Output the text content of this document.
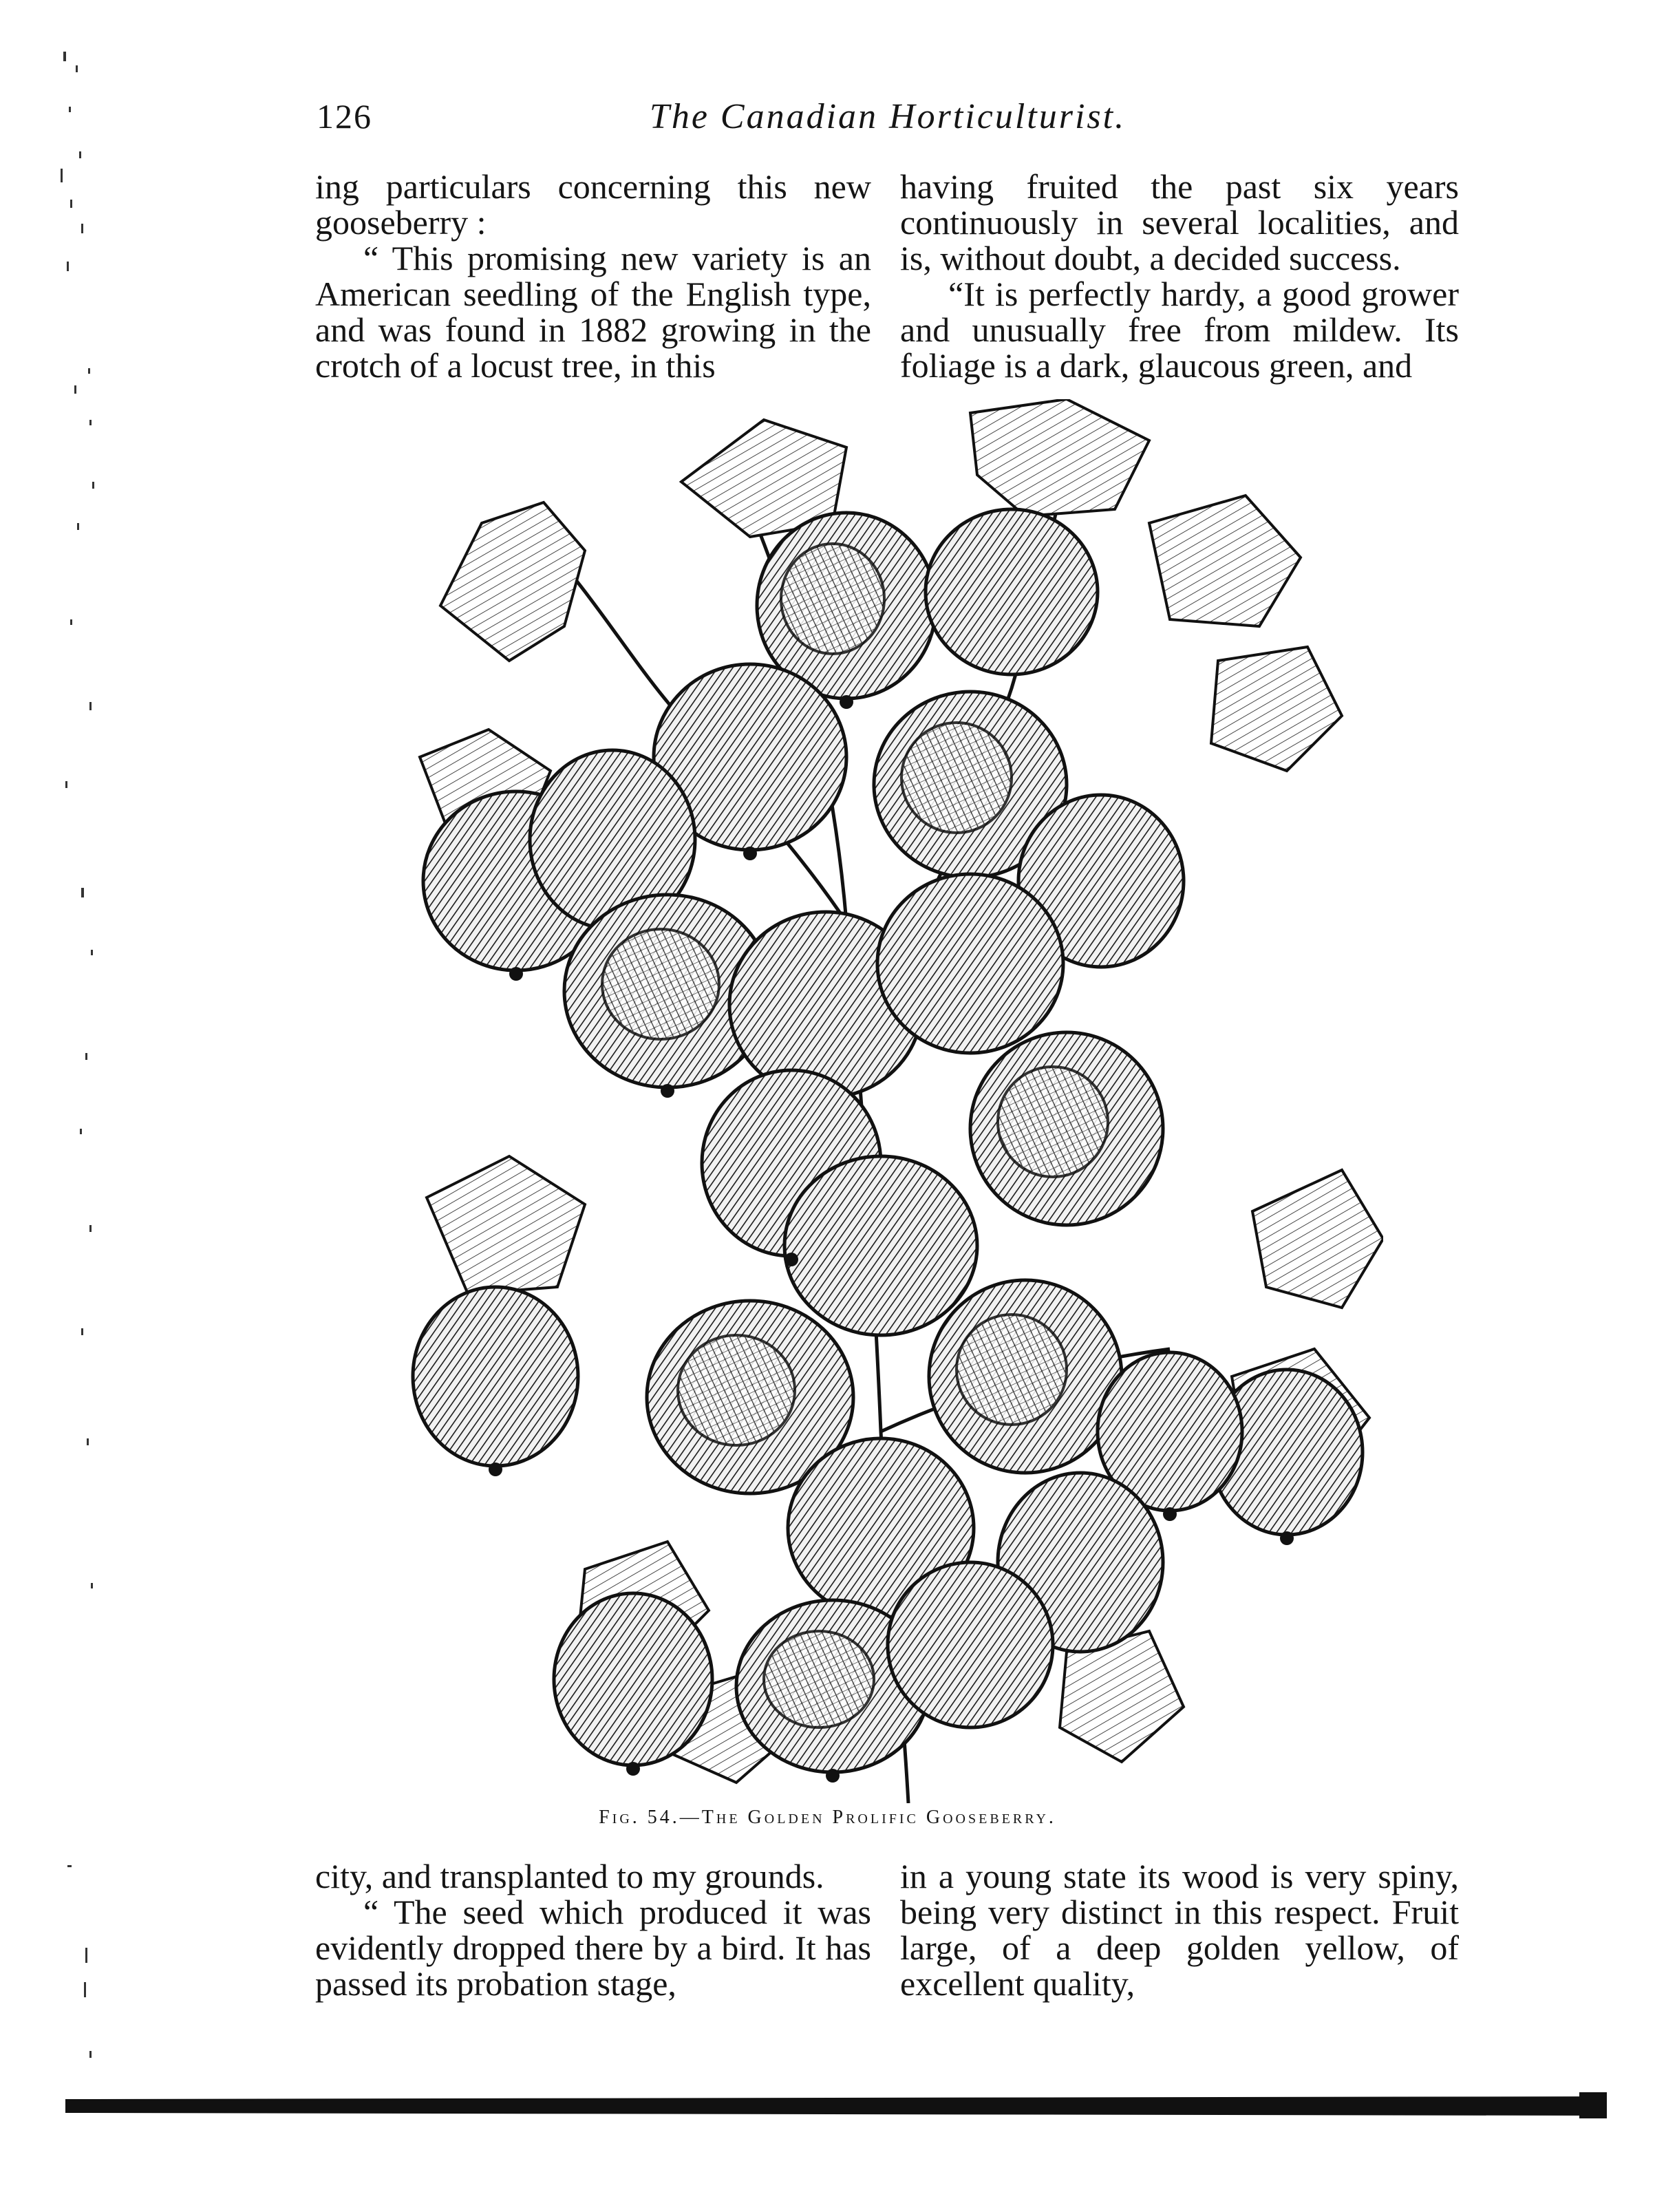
126	The Canadian Horticulturist.

ing particulars concerning this new gooseberry :

“ This promising new variety is an American seedling of the English type, and was found in 1882 growing in the crotch of a locust tree, in this

having fruited the past six years continuously in several localities, and is, without doubt, a decided success.

“It is perfectly hardy, a good grower and unusually free from mildew. Its foliage is a dark, glaucous green, and

Fig. 54.—The Golden Prolific Gooseberry.

city, and transplanted to my grounds.

“ The seed which produced it was evidently dropped there by a bird. It has passed its probation stage,

in a young state its wood is very spiny, being very distinct in this respect. Fruit large, of a deep golden yellow, of excellent quality,
